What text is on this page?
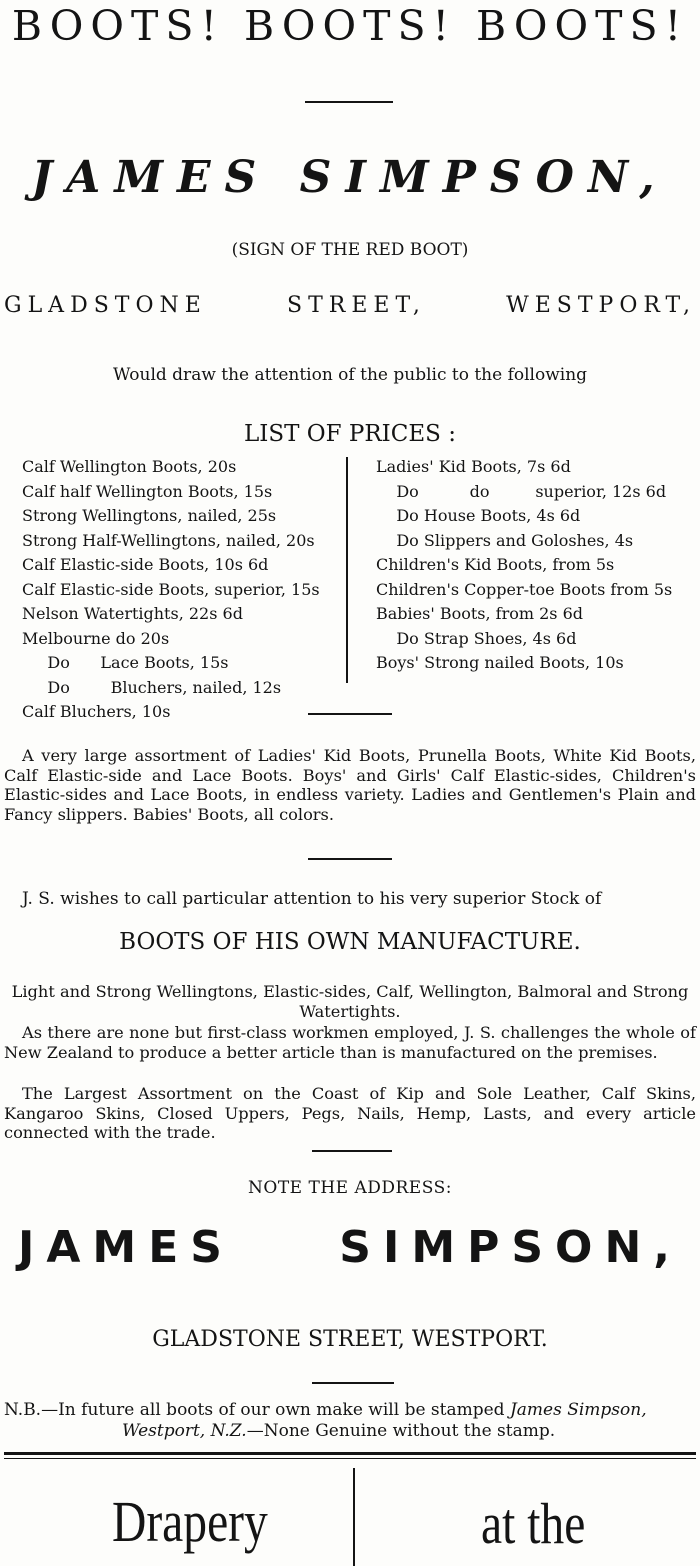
BOOTS! BOOTS! BOOTS!
JAMES SIMPSON,
(SIGN OF THE RED BOOT)
GLADSTONE	STREET,	WESTPORT,
Would draw the attention of the public to the following
LIST OF PRICES :
Calf Wellington Boots, 20s
Calf half Wellington Boots, 15s
Strong Wellingtons, nailed, 25s
Strong Half-Wellingtons, nailed, 20s
Calf Elastic-side Boots, 10s 6d
Calf Elastic-side Boots, superior, 15s
Nelson Watertights, 22s 6d
Melbourne do 20s
Do      Lace Boots, 15s
Do        Bluchers, nailed, 12s
Calf Bluchers, 10s
Ladies' Kid Boots, 7s 6d
Do          do         superior, 12s 6d
Do House Boots, 4s 6d
Do Slippers and Goloshes, 4s
Children's Kid Boots, from 5s
Children's Copper-toe Boots from 5s
Babies' Boots, from 2s 6d
Do Strap Shoes, 4s 6d
Boys' Strong nailed Boots, 10s
A very large assortment of Ladies' Kid Boots, Prunella Boots, White Kid Boots, Calf Elastic-side and Lace Boots. Boys' and Girls' Calf Elastic-sides, Children's Elastic-sides and Lace Boots, in endless variety. Ladies and Gentlemen's Plain and Fancy slippers. Babies' Boots, all colors.
J. S. wishes to call particular attention to his very superior Stock of
BOOTS OF HIS OWN MANUFACTURE.
Light and Strong Wellingtons, Elastic-sides, Calf, Wellington, Balmoral and Strong Watertights.
As there are none but first-class workmen employed, J. S. challenges the whole of New Zealand to produce a better article than is manufactured on the premises.
The Largest Assortment on the Coast of Kip and Sole Leather, Calf Skins, Kangaroo Skins, Closed Uppers, Pegs, Nails, Hemp, Lasts, and every article connected with the trade.
NOTE THE ADDRESS:
JAMES SIMPSON,
GLADSTONE STREET, WESTPORT.
N.B.—In future all boots of our own make will be stamped James Simpson,
Westport, N.Z.—None Genuine without the stamp.
Drapery	at the
